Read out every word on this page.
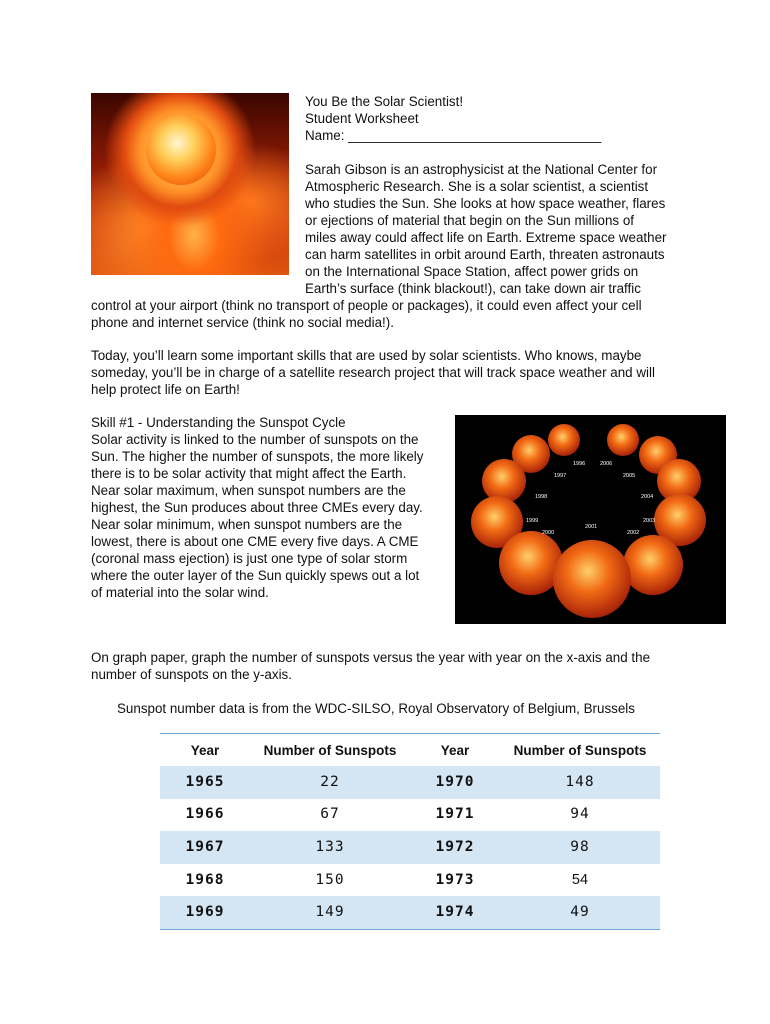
You Be the Solar Scientist!

Student Worksheet

Name: __________________________________

Sarah Gibson is an astrophysicist at the National Center for

Atmospheric Research. She is a solar scientist, a scientist

who studies the Sun. She looks at how space weather, flares

or ejections of material that begin on the Sun millions of

miles away could affect life on Earth. Extreme space weather

can harm satellites in orbit around Earth, threaten astronauts

on the International Space Station, affect power grids on

Earth’s surface (think blackout!), can take down air traffic

control at your airport (think no transport of people or packages), it could even affect your cell

phone and internet service (think no social media!).

Today, you’ll learn some important skills that are used by solar scientists. Who knows, maybe

someday, you’ll be in charge of a satellite research project that will track space weather and will

help protect life on Earth!

Skill #1 - Understanding the Sunspot Cycle

Solar activity is linked to the number of sunspots on the

Sun. The higher the number of sunspots, the more likely

there is to be solar activity that might affect the Earth.

Near solar maximum, when sunspot numbers are the

highest, the Sun produces about three CMEs every day.

Near solar minimum, when sunspot numbers are the

lowest, there is about one CME every five days. A CME

(coronal mass ejection) is just one type of solar storm

where the outer layer of the Sun quickly spews out a lot

of material into the solar wind.

1996	2006
1997	2005
1998	2004
1999	2003
2000
2001
2002

On graph paper, graph the number of sunspots versus the year with year on the x-axis and the

number of sunspots on the y-axis.

Sunspot number data is from the WDC-SILSO, Royal Observatory of Belgium, Brussels

Year	Number of Sunspots	Year	Number of Sunspots
1965	22	1970	148
1966	67	1971	94
1967	133	1972	98
1968	150	1973	54
1969	149	1974	49
